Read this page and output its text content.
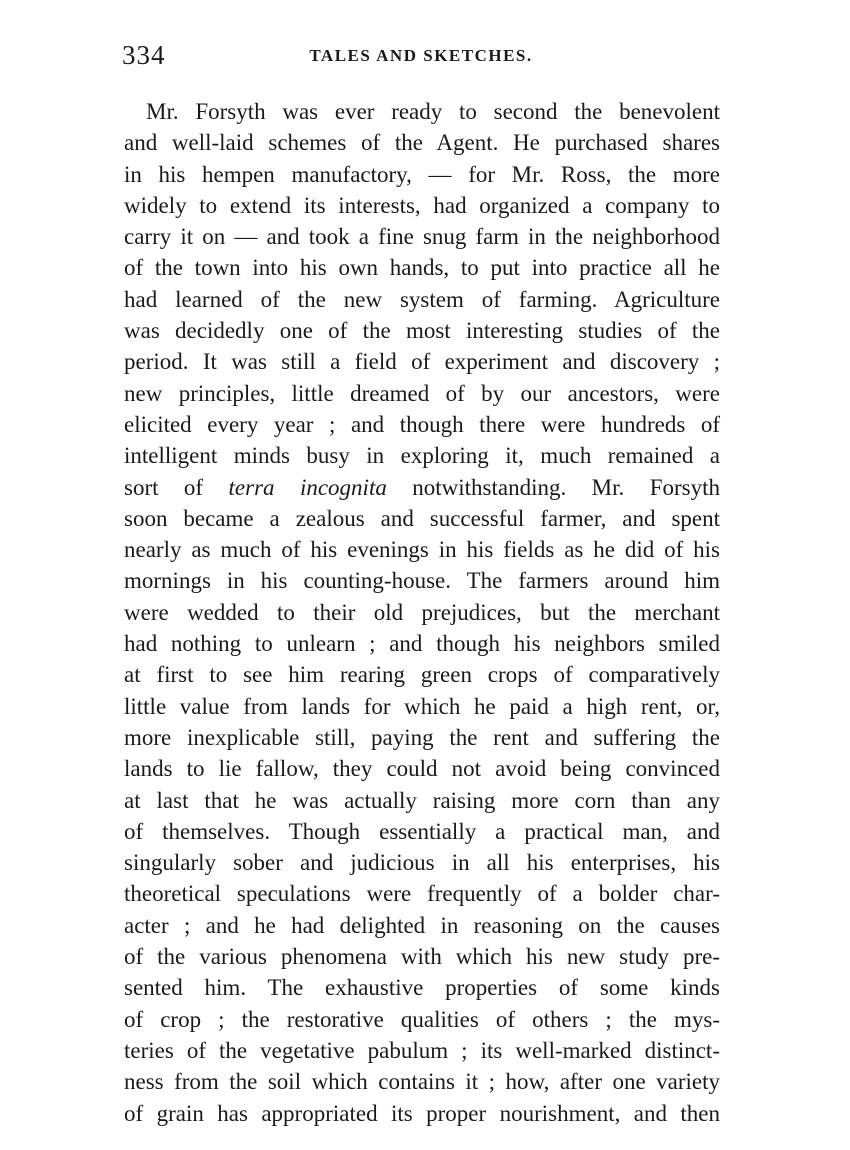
334	TALES AND SKETCHES.
Mr. Forsyth was ever ready to second the benevolent
and well-laid schemes of the Agent. He purchased shares
in his hempen manufactory, — for Mr. Ross, the more
widely to extend its interests, had organized a company to
carry it on — and took a fine snug farm in the neighborhood
of the town into his own hands, to put into practice all he
had learned of the new system of farming. Agriculture
was decidedly one of the most interesting studies of the
period. It was still a field of experiment and discovery ;
new principles, little dreamed of by our ancestors, were
elicited every year ; and though there were hundreds of
intelligent minds busy in exploring it, much remained a
sort of terra incognita notwithstanding. Mr. Forsyth
soon became a zealous and successful farmer, and spent
nearly as much of his evenings in his fields as he did of his
mornings in his counting-house. The farmers around him
were wedded to their old prejudices, but the merchant
had nothing to unlearn ; and though his neighbors smiled
at first to see him rearing green crops of comparatively
little value from lands for which he paid a high rent, or,
more inexplicable still, paying the rent and suffering the
lands to lie fallow, they could not avoid being convinced
at last that he was actually raising more corn than any
of themselves. Though essentially a practical man, and
singularly sober and judicious in all his enterprises, his
theoretical speculations were frequently of a bolder char-
acter ; and he had delighted in reasoning on the causes
of the various phenomena with which his new study pre-
sented him. The exhaustive properties of some kinds
of crop ; the restorative qualities of others ; the mys-
teries of the vegetative pabulum ; its well-marked distinct-
ness from the soil which contains it ; how, after one variety
of grain has appropriated its proper nourishment, and then
